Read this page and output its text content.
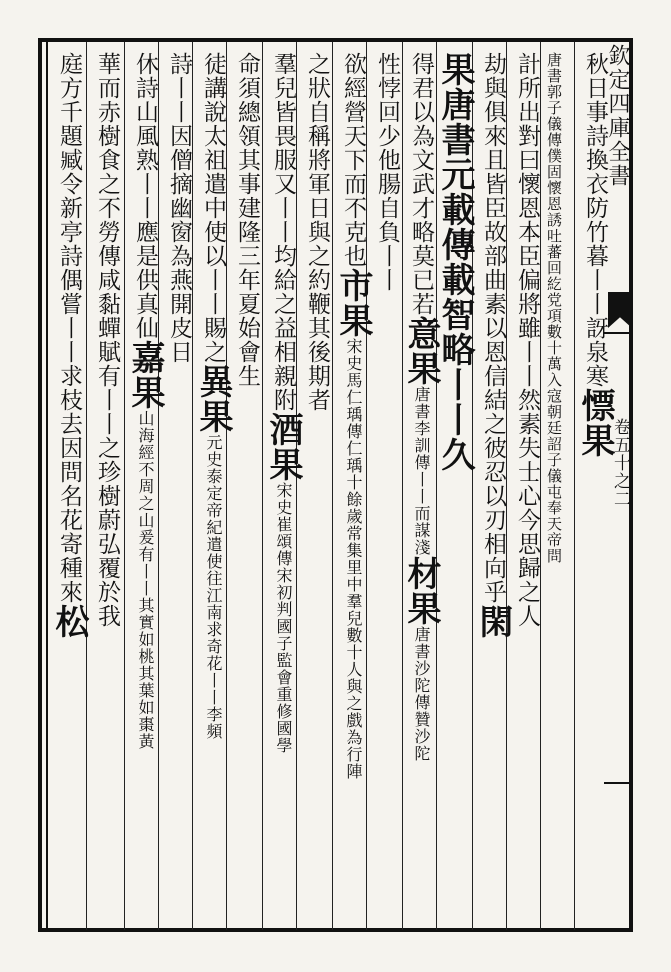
欽定四庫全書
卷五十之二
秋日事詩換衣防竹暮丨丨訝泉寒慓果
唐書郭子儀傳僕固懷恩誘吐蕃回紇党項數十萬入寇朝廷詔子儀屯奉天帝問
計所出對曰懷恩本臣偏將雖丨丨然素失士心今思歸之人
劫與俱來且皆臣故部曲素以恩信結之彼忍以刃相向乎閑
果唐書元載傳載智略丨丨久
得君以為文武才略莫已若意果唐書李訓傳丨丨而謀淺材果唐書沙陀傳贊沙陀
性悖回少他腸自負丨丨
欲經營天下而不克也市果宋史馬仁瑀傳仁瑀十餘歲常集里中羣兒數十人與之戲為行陣
之狀自稱將軍日與之約鞭其後期者
羣兒皆畏服又丨丨均給之益相親附酒果宋史崔頌傳宋初判國子監會重修國學
命須總領其事建隆三年夏始會生
徒講說太祖遣中使以丨丨賜之異果元史泰定帝紀遣使往江南求奇花丨丨李頻
詩丨丨因僧摘幽窗為燕開皮日
休詩山風熟丨丨應是供真仙嘉果山海經不周之山爰有丨丨其實如桃其葉如棗黃
華而赤樹食之不勞傳咸黏蟬賦有丨丨之珍樹蔚弘覆於我
庭方千題臧令新亭詩偶嘗丨丨求枝去因問名花寄種來松
